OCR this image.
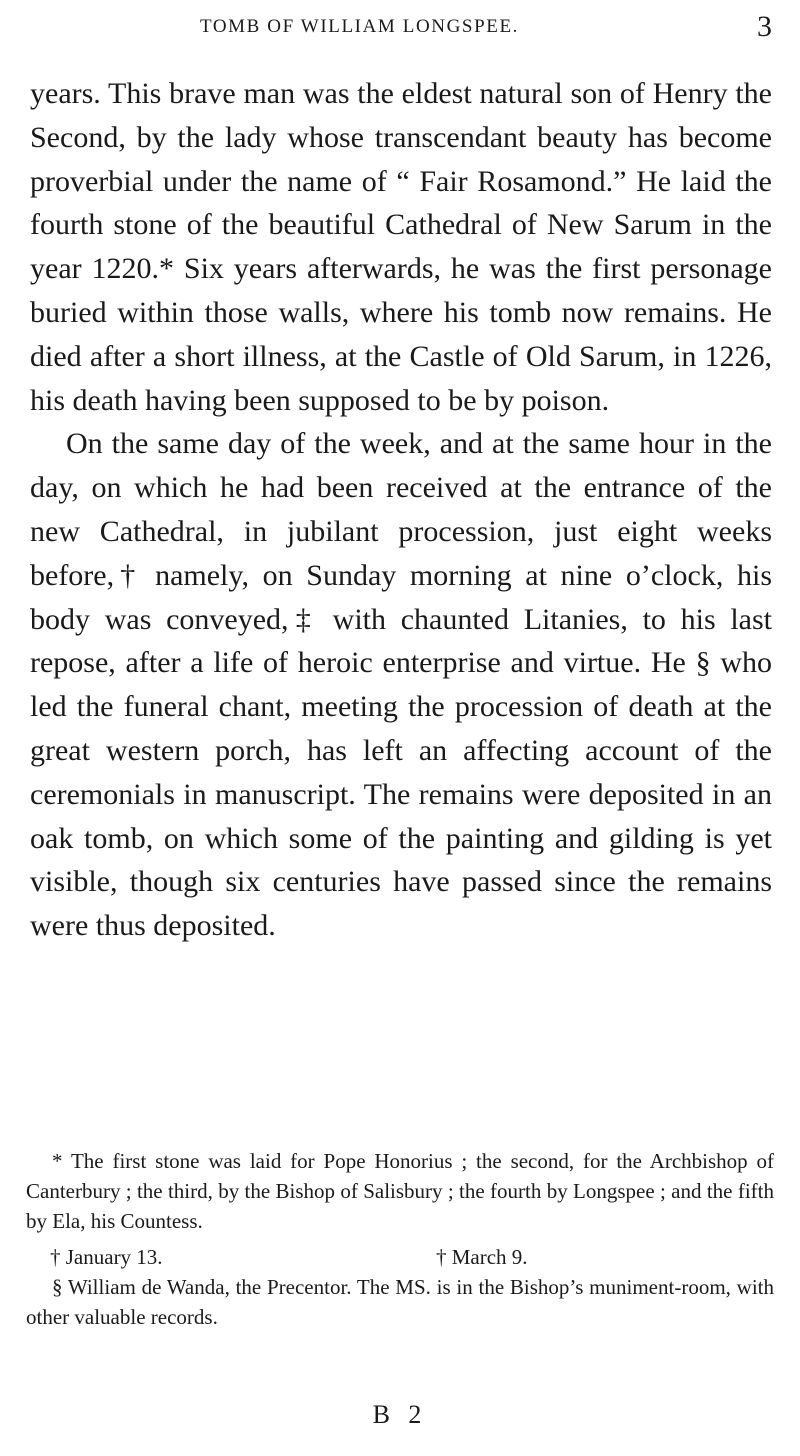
TOMB OF WILLIAM LONGSPEE.	3

years. This brave man was the eldest natural son of Henry the Second, by the lady whose transcendant beauty has become proverbial under the name of “ Fair Rosamond.” He laid the fourth stone of the beautiful Cathedral of New Sarum in the year 1220.* Six years afterwards, he was the first personage buried within those walls, where his tomb now remains. He died after a short illness, at the Castle of Old Sarum, in 1226, his death having been supposed to be by poison.

On the same day of the week, and at the same hour in the day, on which he had been received at the entrance of the new Cathedral, in jubilant procession, just eight weeks before,† namely, on Sunday morning at nine o’clock, his body was conveyed,‡ with chaunted Litanies, to his last repose, after a life of heroic enterprise and virtue. He § who led the funeral chant, meeting the procession of death at the great western porch, has left an affecting account of the ceremonials in manuscript. The remains were deposited in an oak tomb, on which some of the painting and gilding is yet visible, though six centuries have passed since the remains were thus deposited.

* The first stone was laid for Pope Honorius ; the second, for the Archbishop of Canterbury ; the third, by the Bishop of Salisbury ; the fourth by Longspee ; and the fifth by Ela, his Countess.

† January 13.	† March 9.

§ William de Wanda, the Precentor. The MS. is in the Bishop’s muniment-room, with other valuable records.

B 2
